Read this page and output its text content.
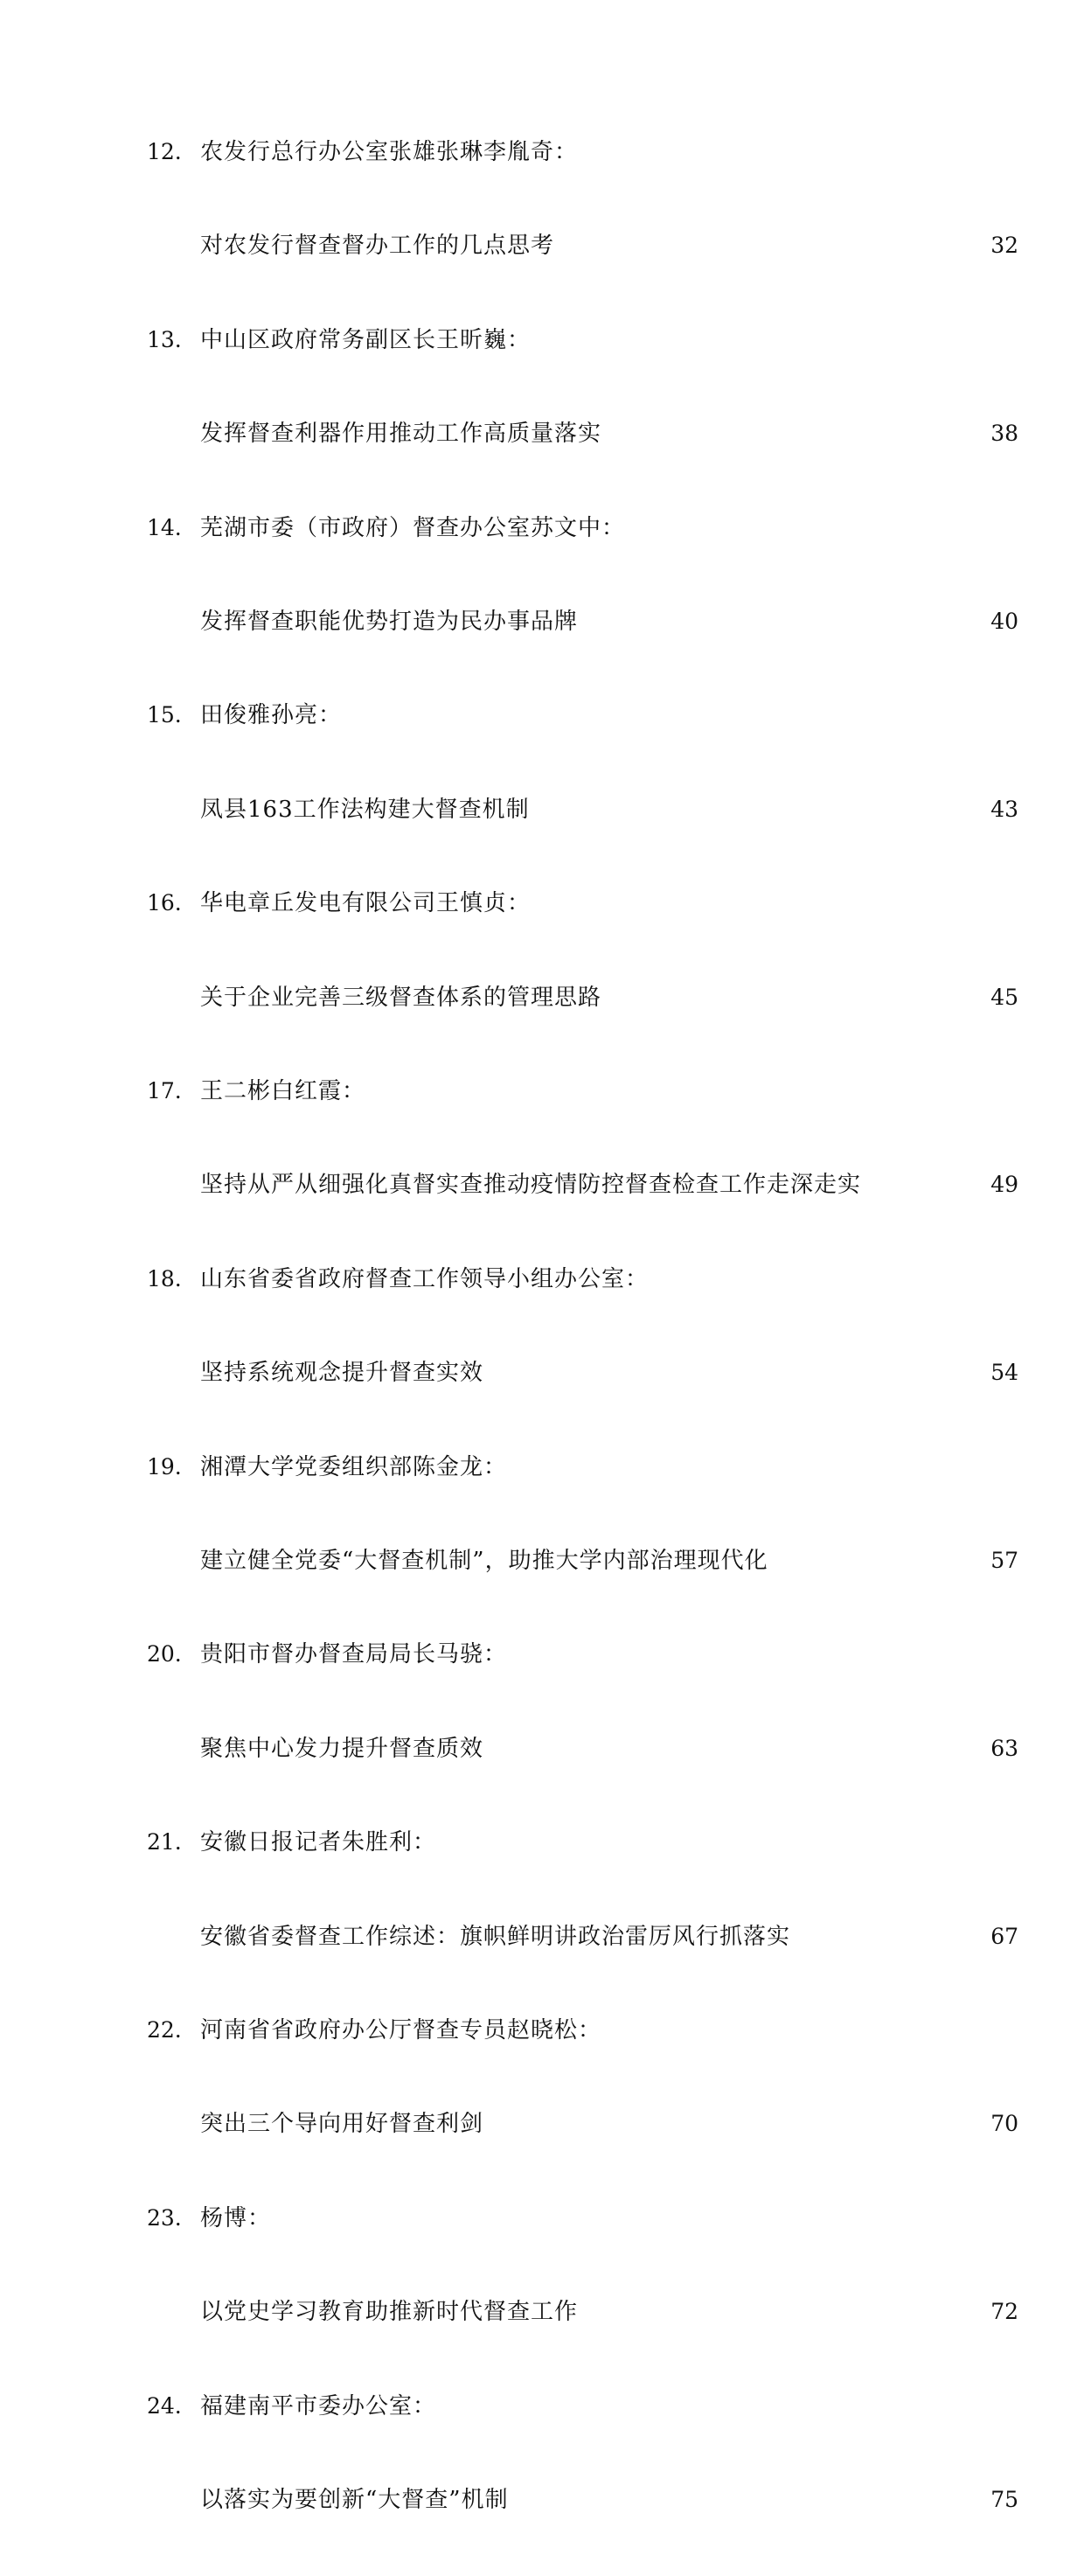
12. 农发行总行办公室张雄张琳李胤奇：
对农发行督查督办工作的几点思考	32
13. 中山区政府常务副区长王昕巍：
发挥督查利器作用推动工作高质量落实	38
14. 芜湖市委（市政府）督查办公室苏文中：
发挥督查职能优势打造为民办事品牌	40
15. 田俊雅孙亮：
凤县163工作法构建大督查机制	43
16. 华电章丘发电有限公司王慎贞：
关于企业完善三级督查体系的管理思路	45
17. 王二彬白红霞：
坚持从严从细强化真督实查推动疫情防控督查检查工作走深走实	49
18. 山东省委省政府督查工作领导小组办公室：
坚持系统观念提升督查实效	54
19. 湘潭大学党委组织部陈金龙：
建立健全党委“大督查机制”，助推大学内部治理现代化	57
20. 贵阳市督办督查局局长马骁：
聚焦中心发力提升督查质效	63
21. 安徽日报记者朱胜利：
安徽省委督查工作综述：旗帜鲜明讲政治雷厉风行抓落实	67
22. 河南省省政府办公厅督查专员赵晓松：
突出三个导向用好督查利剑	70
23. 杨博：
以党史学习教育助推新时代督查工作	72
24. 福建南平市委办公室：
以落实为要创新“大督查”机制	75
